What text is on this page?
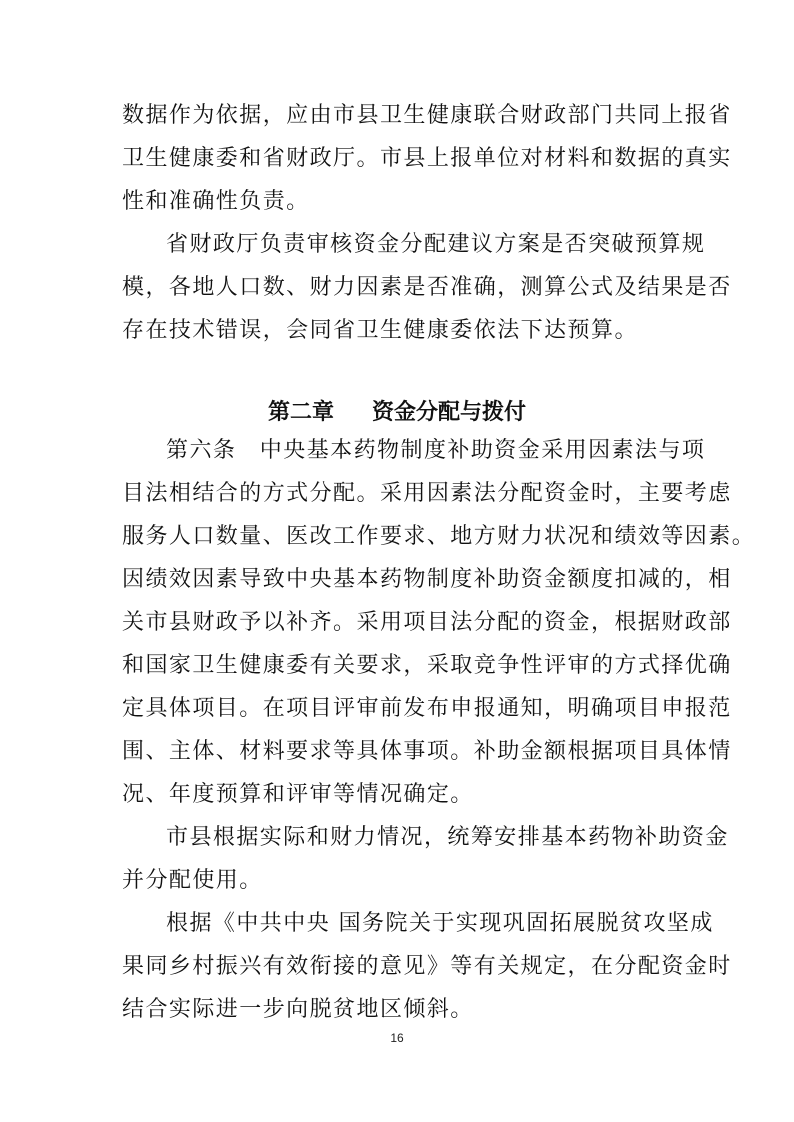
数据作为依据，应由市县卫生健康联合财政部门共同上报省
卫生健康委和省财政厅。市县上报单位对材料和数据的真实
性和准确性负责。
省财政厅负责审核资金分配建议方案是否突破预算规
模，各地人口数、财力因素是否准确，测算公式及结果是否
存在技术错误，会同省卫生健康委依法下达预算。
第二章 资金分配与拨付
第六条　中央基本药物制度补助资金采用因素法与项
目法相结合的方式分配。采用因素法分配资金时，主要考虑
服务人口数量、医改工作要求、地方财力状况和绩效等因素。
因绩效因素导致中央基本药物制度补助资金额度扣减的，相
关市县财政予以补齐。采用项目法分配的资金，根据财政部
和国家卫生健康委有关要求，采取竞争性评审的方式择优确
定具体项目。在项目评审前发布申报通知，明确项目申报范
围、主体、材料要求等具体事项。补助金额根据项目具体情
况、年度预算和评审等情况确定。
市县根据实际和财力情况，统筹安排基本药物补助资金
并分配使用。
根据《中共中央 国务院关于实现巩固拓展脱贫攻坚成
果同乡村振兴有效衔接的意见》等有关规定，在分配资金时
结合实际进一步向脱贫地区倾斜。
16
